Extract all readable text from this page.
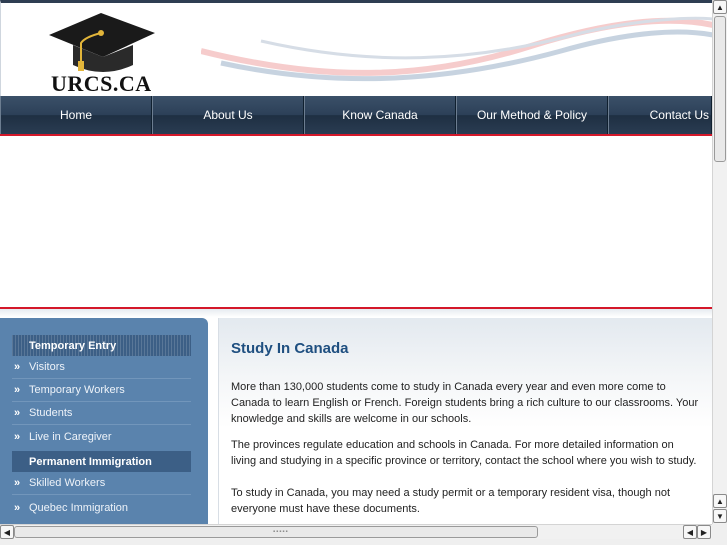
URCS.CA
Home	About Us	Know Canada	Our Method & Policy	Contact Us
Temporary Entry
» Visitors
» Temporary Workers
» Students
» Live in Caregiver
Permanent Immigration
» Skilled Workers
» Quebec Immigration
Study In Canada
More than 130,000 students come to study in Canada every year and even more come to Canada to learn English or French. Foreign students bring a rich culture to our classrooms. Your knowledge and skills are welcome in our schools.
The provinces regulate education and schools in Canada. For more detailed information on living and studying in a specific province or territory, contact the school where you wish to study.
To study in Canada, you may need a study permit or a temporary resident visa, though not everyone must have these documents.
▲
▲
▼
◀	▪▪▪▪▪	◀ ▶
